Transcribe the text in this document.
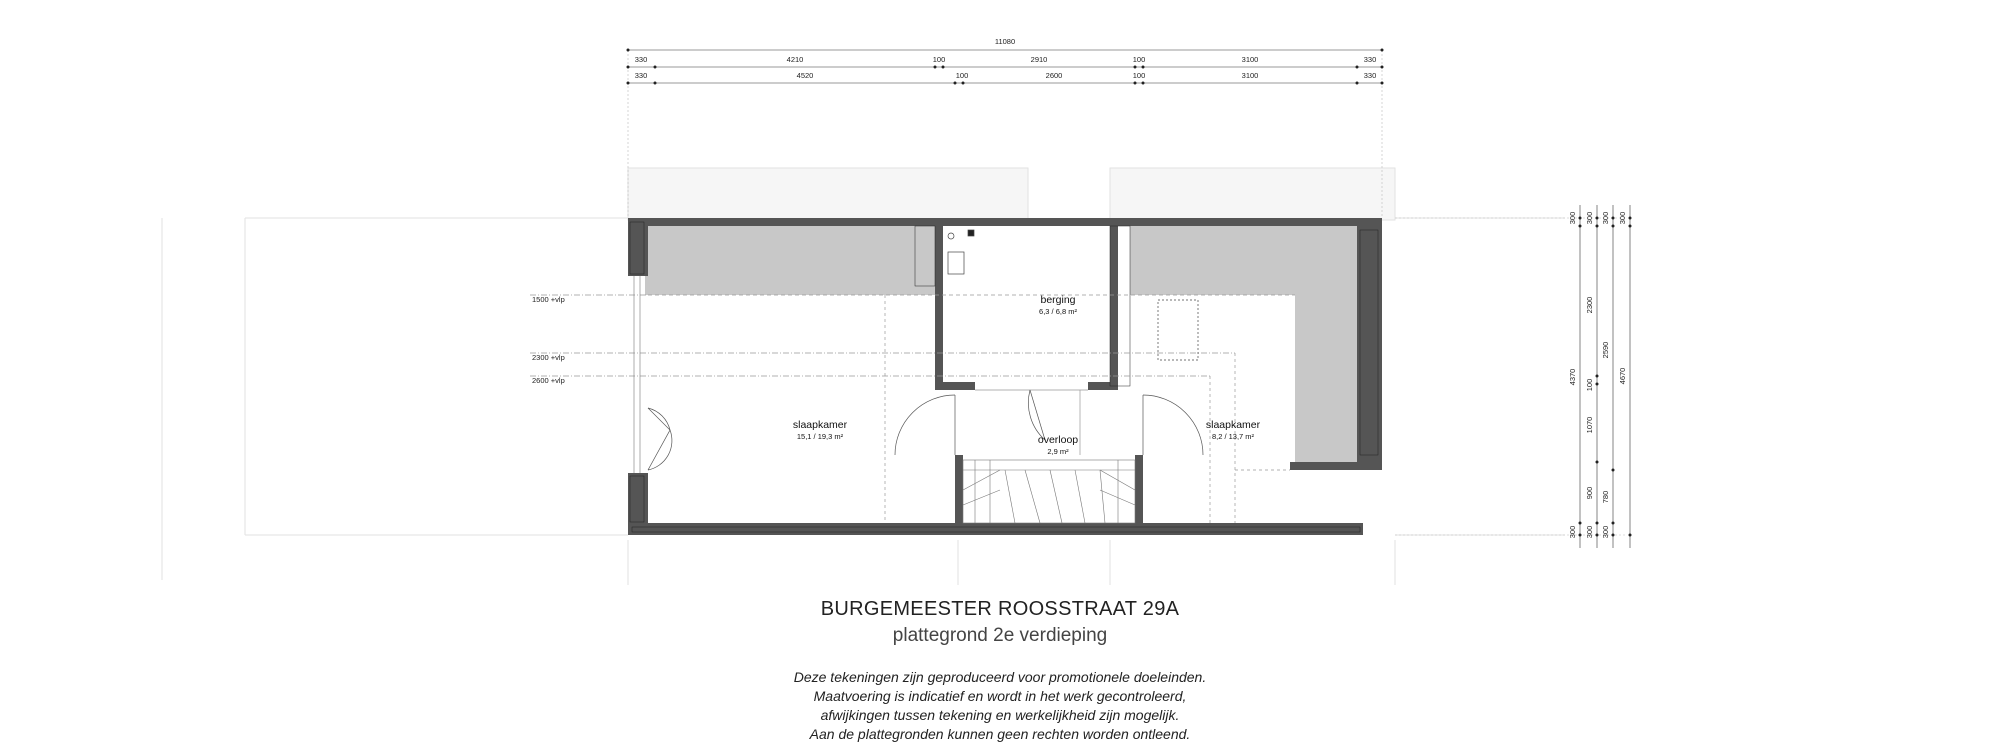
11080
330	4210	100	2910	100	3100	330
330	4520	100	2600	100	3100	330
300
4370
300
300
2300
100
1070
900
300
300
2590
780
300
300
4670
1500 +vlp
2300 +vlp
2600 +vlp
slaapkamer
15,1 / 19,3 m²
berging
6,3 / 6,8 m²
overloop
2,9 m²
slaapkamer
8,2 / 13,7 m²
BURGEMEESTER ROOSSTRAAT 29A
plattegrond 2e verdieping
Deze tekeningen zijn geproduceerd voor promotionele doeleinden.
Maatvoering is indicatief en wordt in het werk gecontroleerd,
afwijkingen tussen tekening en werkelijkheid zijn mogelijk.
Aan de plattegronden kunnen geen rechten worden ontleend.
